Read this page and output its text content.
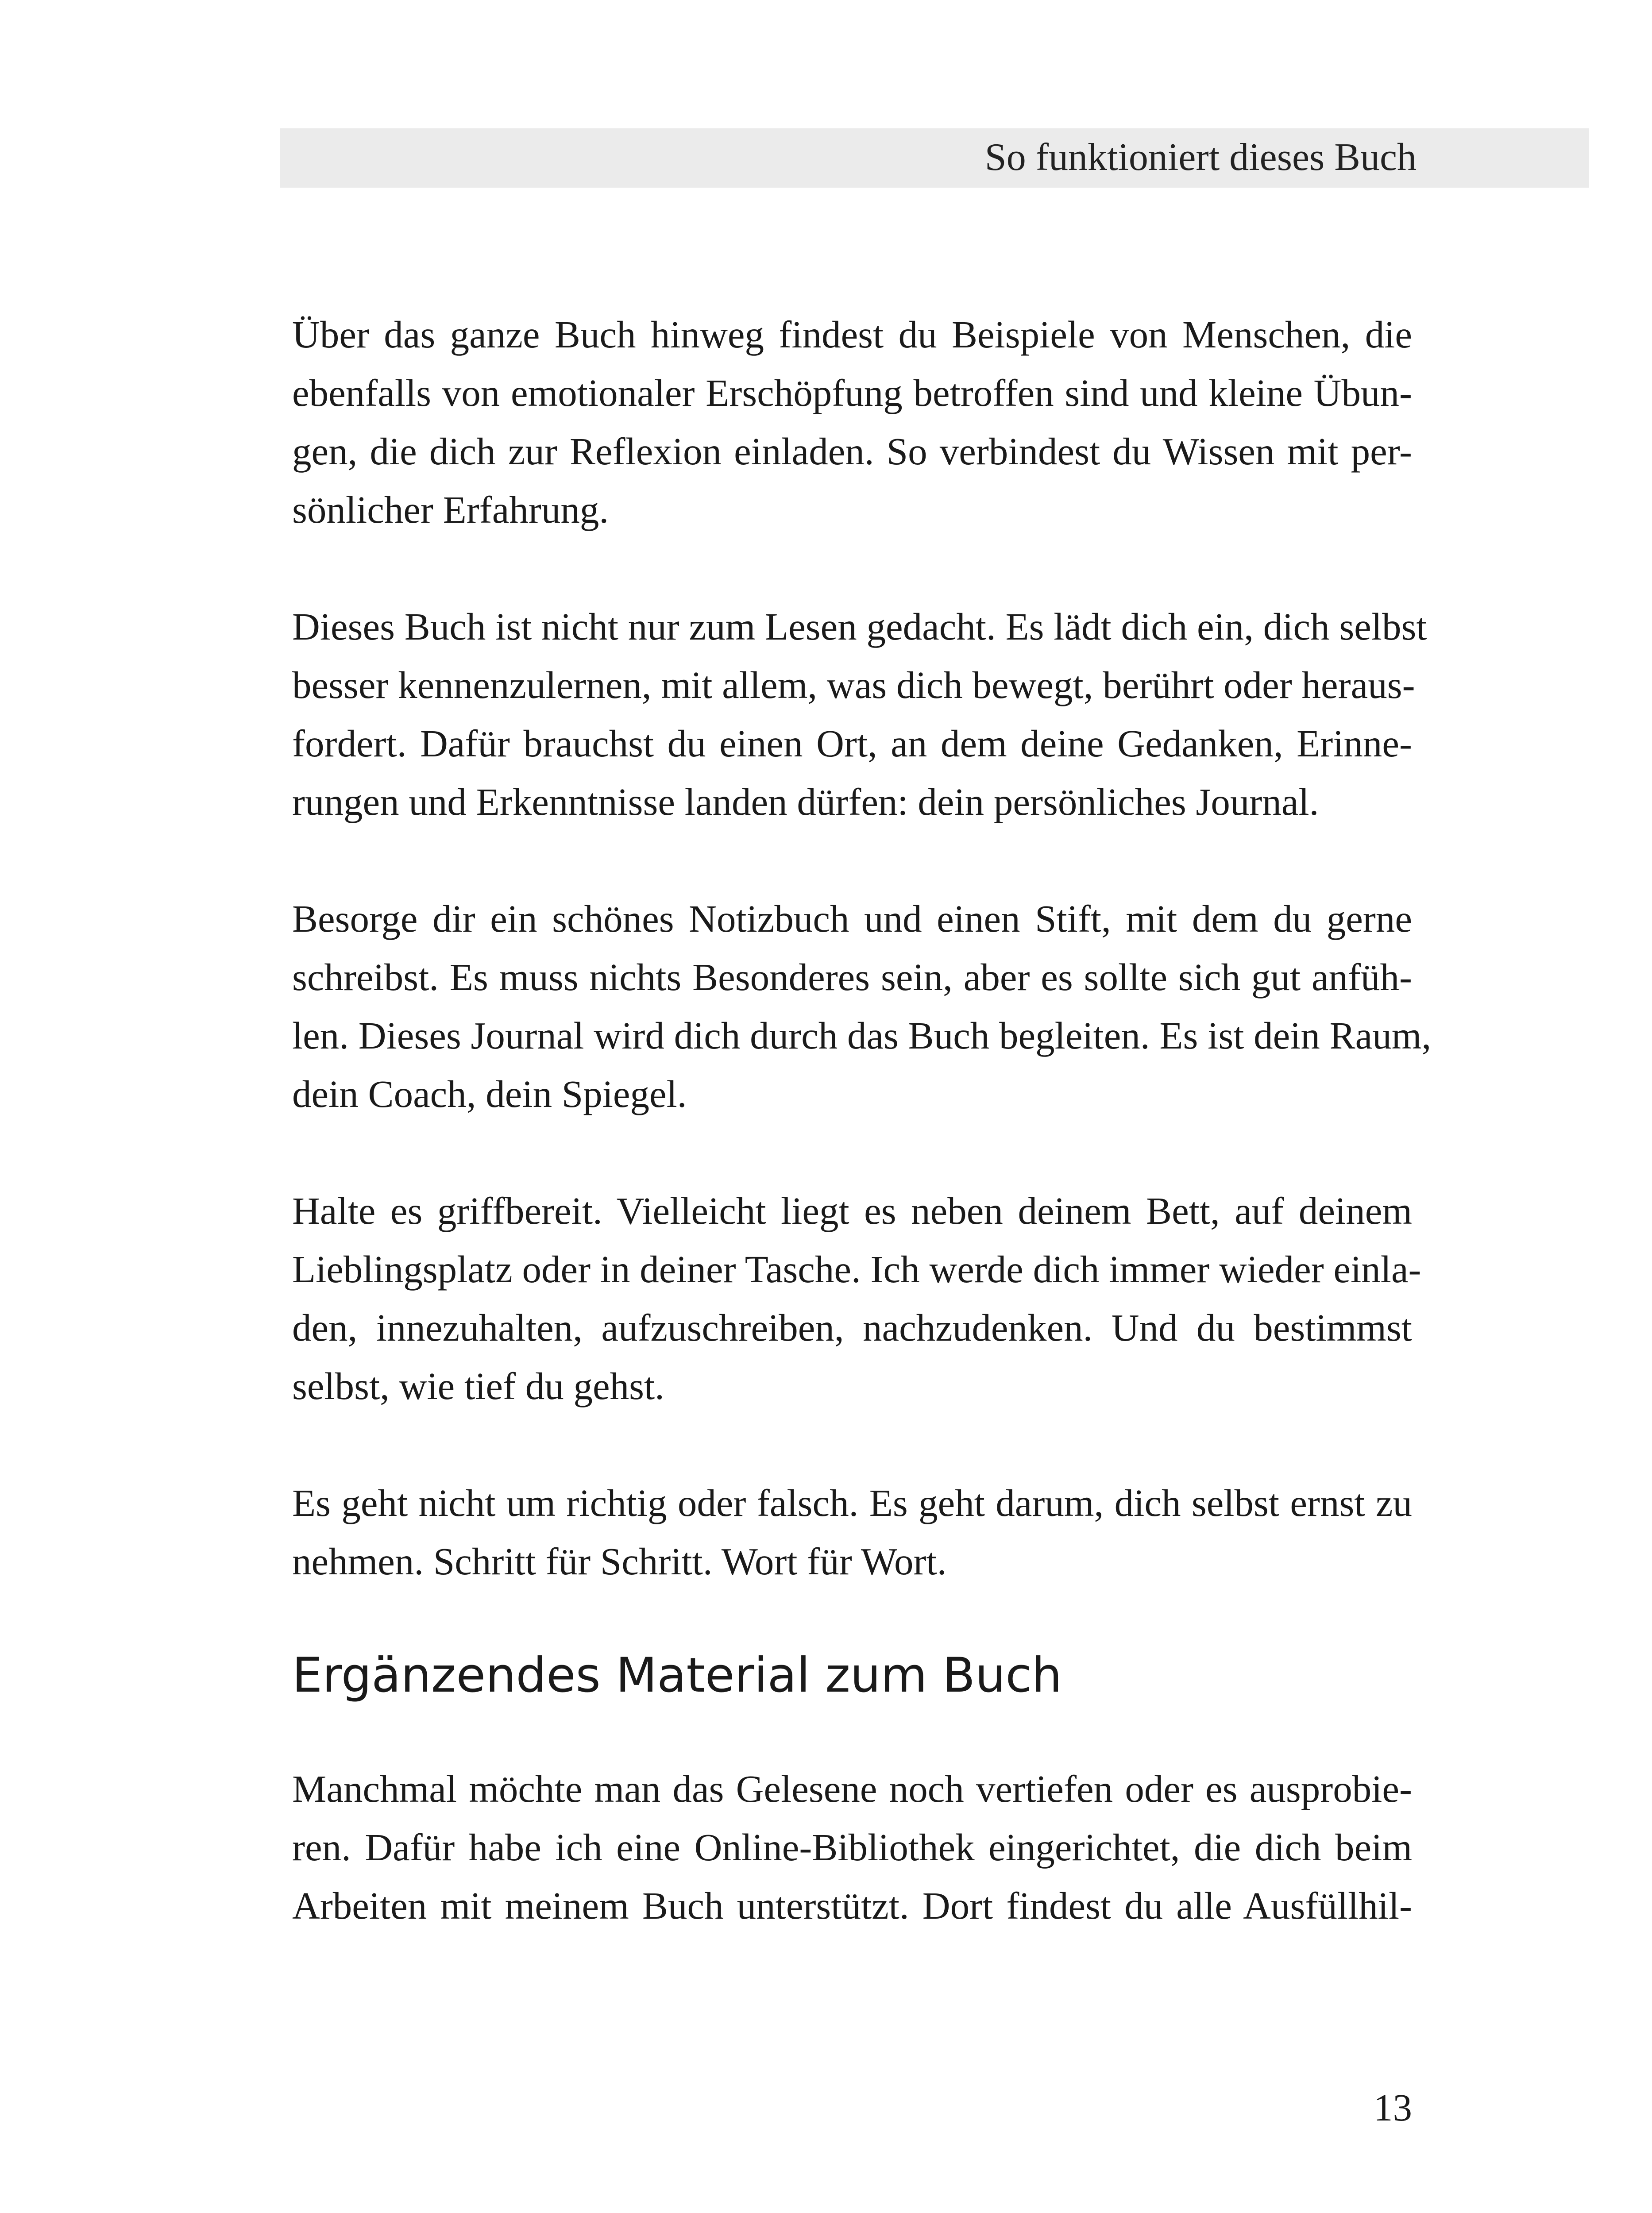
So funktioniert dieses Buch

Über das ganze Buch hinweg findest du Beispiele von Menschen, die
ebenfalls von emotionaler Erschöpfung betroffen sind und kleine Übun-
gen, die dich zur Reflexion einladen. So verbindest du Wissen mit per-
sönlicher Erfahrung.

Dieses Buch ist nicht nur zum Lesen gedacht. Es lädt dich ein, dich selbst
besser kennenzulernen, mit allem, was dich bewegt, berührt oder heraus-
fordert. Dafür brauchst du einen Ort, an dem deine Gedanken, Erinne-
rungen und Erkenntnisse landen dürfen: dein persönliches Journal.

Besorge dir ein schönes Notizbuch und einen Stift, mit dem du gerne
schreibst. Es muss nichts Besonderes sein, aber es sollte sich gut anfüh-
len. Dieses Journal wird dich durch das Buch begleiten. Es ist dein Raum,
dein Coach, dein Spiegel.

Halte es griffbereit. Vielleicht liegt es neben deinem Bett, auf deinem
Lieblingsplatz oder in deiner Tasche. Ich werde dich immer wieder einla-
den, innezuhalten, aufzuschreiben, nachzudenken. Und du bestimmst
selbst, wie tief du gehst.

Es geht nicht um richtig oder falsch. Es geht darum, dich selbst ernst zu
nehmen. Schritt für Schritt. Wort für Wort.

Ergänzendes Material zum Buch

Manchmal möchte man das Gelesene noch vertiefen oder es ausprobie-
ren. Dafür habe ich eine Online-Bibliothek eingerichtet, die dich beim
Arbeiten mit meinem Buch unterstützt. Dort findest du alle Ausfüllhil-

13
